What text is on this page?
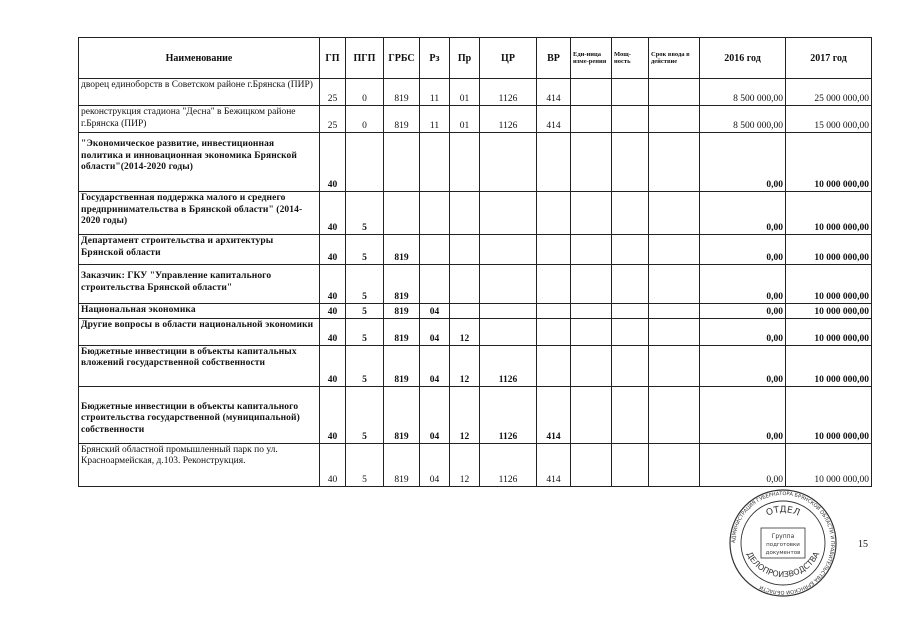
Наименование	ГП	ПГП	ГРБС	Рз	Пр	ЦР	ВР	Еди-ница изме-рения	Мощ-ность	Срок ввода в действие	2016 год	2017 год
дворец единоборств в Советском районе г.Брянска (ПИР)	25	0	819	11	01	1126	414				8 500 000,00	25 000 000,00
реконструкция стадиона "Десна" в Бежицком районе г.Брянска (ПИР)	25	0	819	11	01	1126	414				8 500 000,00	15 000 000,00
"Экономическое развитие, инвестиционная политика и инновационная экономика Брянской области"(2014-2020 годы)	40										0,00	10 000 000,00
Государственная поддержка малого и среднего предпринимательства в Брянской области" (2014-2020 годы)	40	5									0,00	10 000 000,00
Департамент строительства и архитектуры Брянской области	40	5	819								0,00	10 000 000,00
Заказчик: ГКУ "Управление капитального строительства Брянской области"	40	5	819								0,00	10 000 000,00
Национальная экономика	40	5	819	04							0,00	10 000 000,00
Другие вопросы в области национальной экономики	40	5	819	04	12						0,00	10 000 000,00
Бюджетные инвестиции в объекты капитальных вложений государственной собственности	40	5	819	04	12	1126					0,00	10 000 000,00
Бюджетные инвестиции в объекты капитального строительства государственной (муниципальной) собственности	40	5	819	04	12	1126	414				0,00	10 000 000,00
Брянский областной промышленный парк по ул. Красноармейская, д.103. Реконструкция.	40	5	819	04	12	1126	414				0,00	10 000 000,00
АДМИНИСТРАЦИЯ ГУБЕРНАТОРА БРЯНСКОЙ ОБЛАСТИ И ПРАВИТЕЛЬСТВА БРЯНСКОЙ ОБЛАСТИ
ОТДЕЛ
ДЕЛОПРОИЗВОДСТВА
Группа
подготовки
документов
15
